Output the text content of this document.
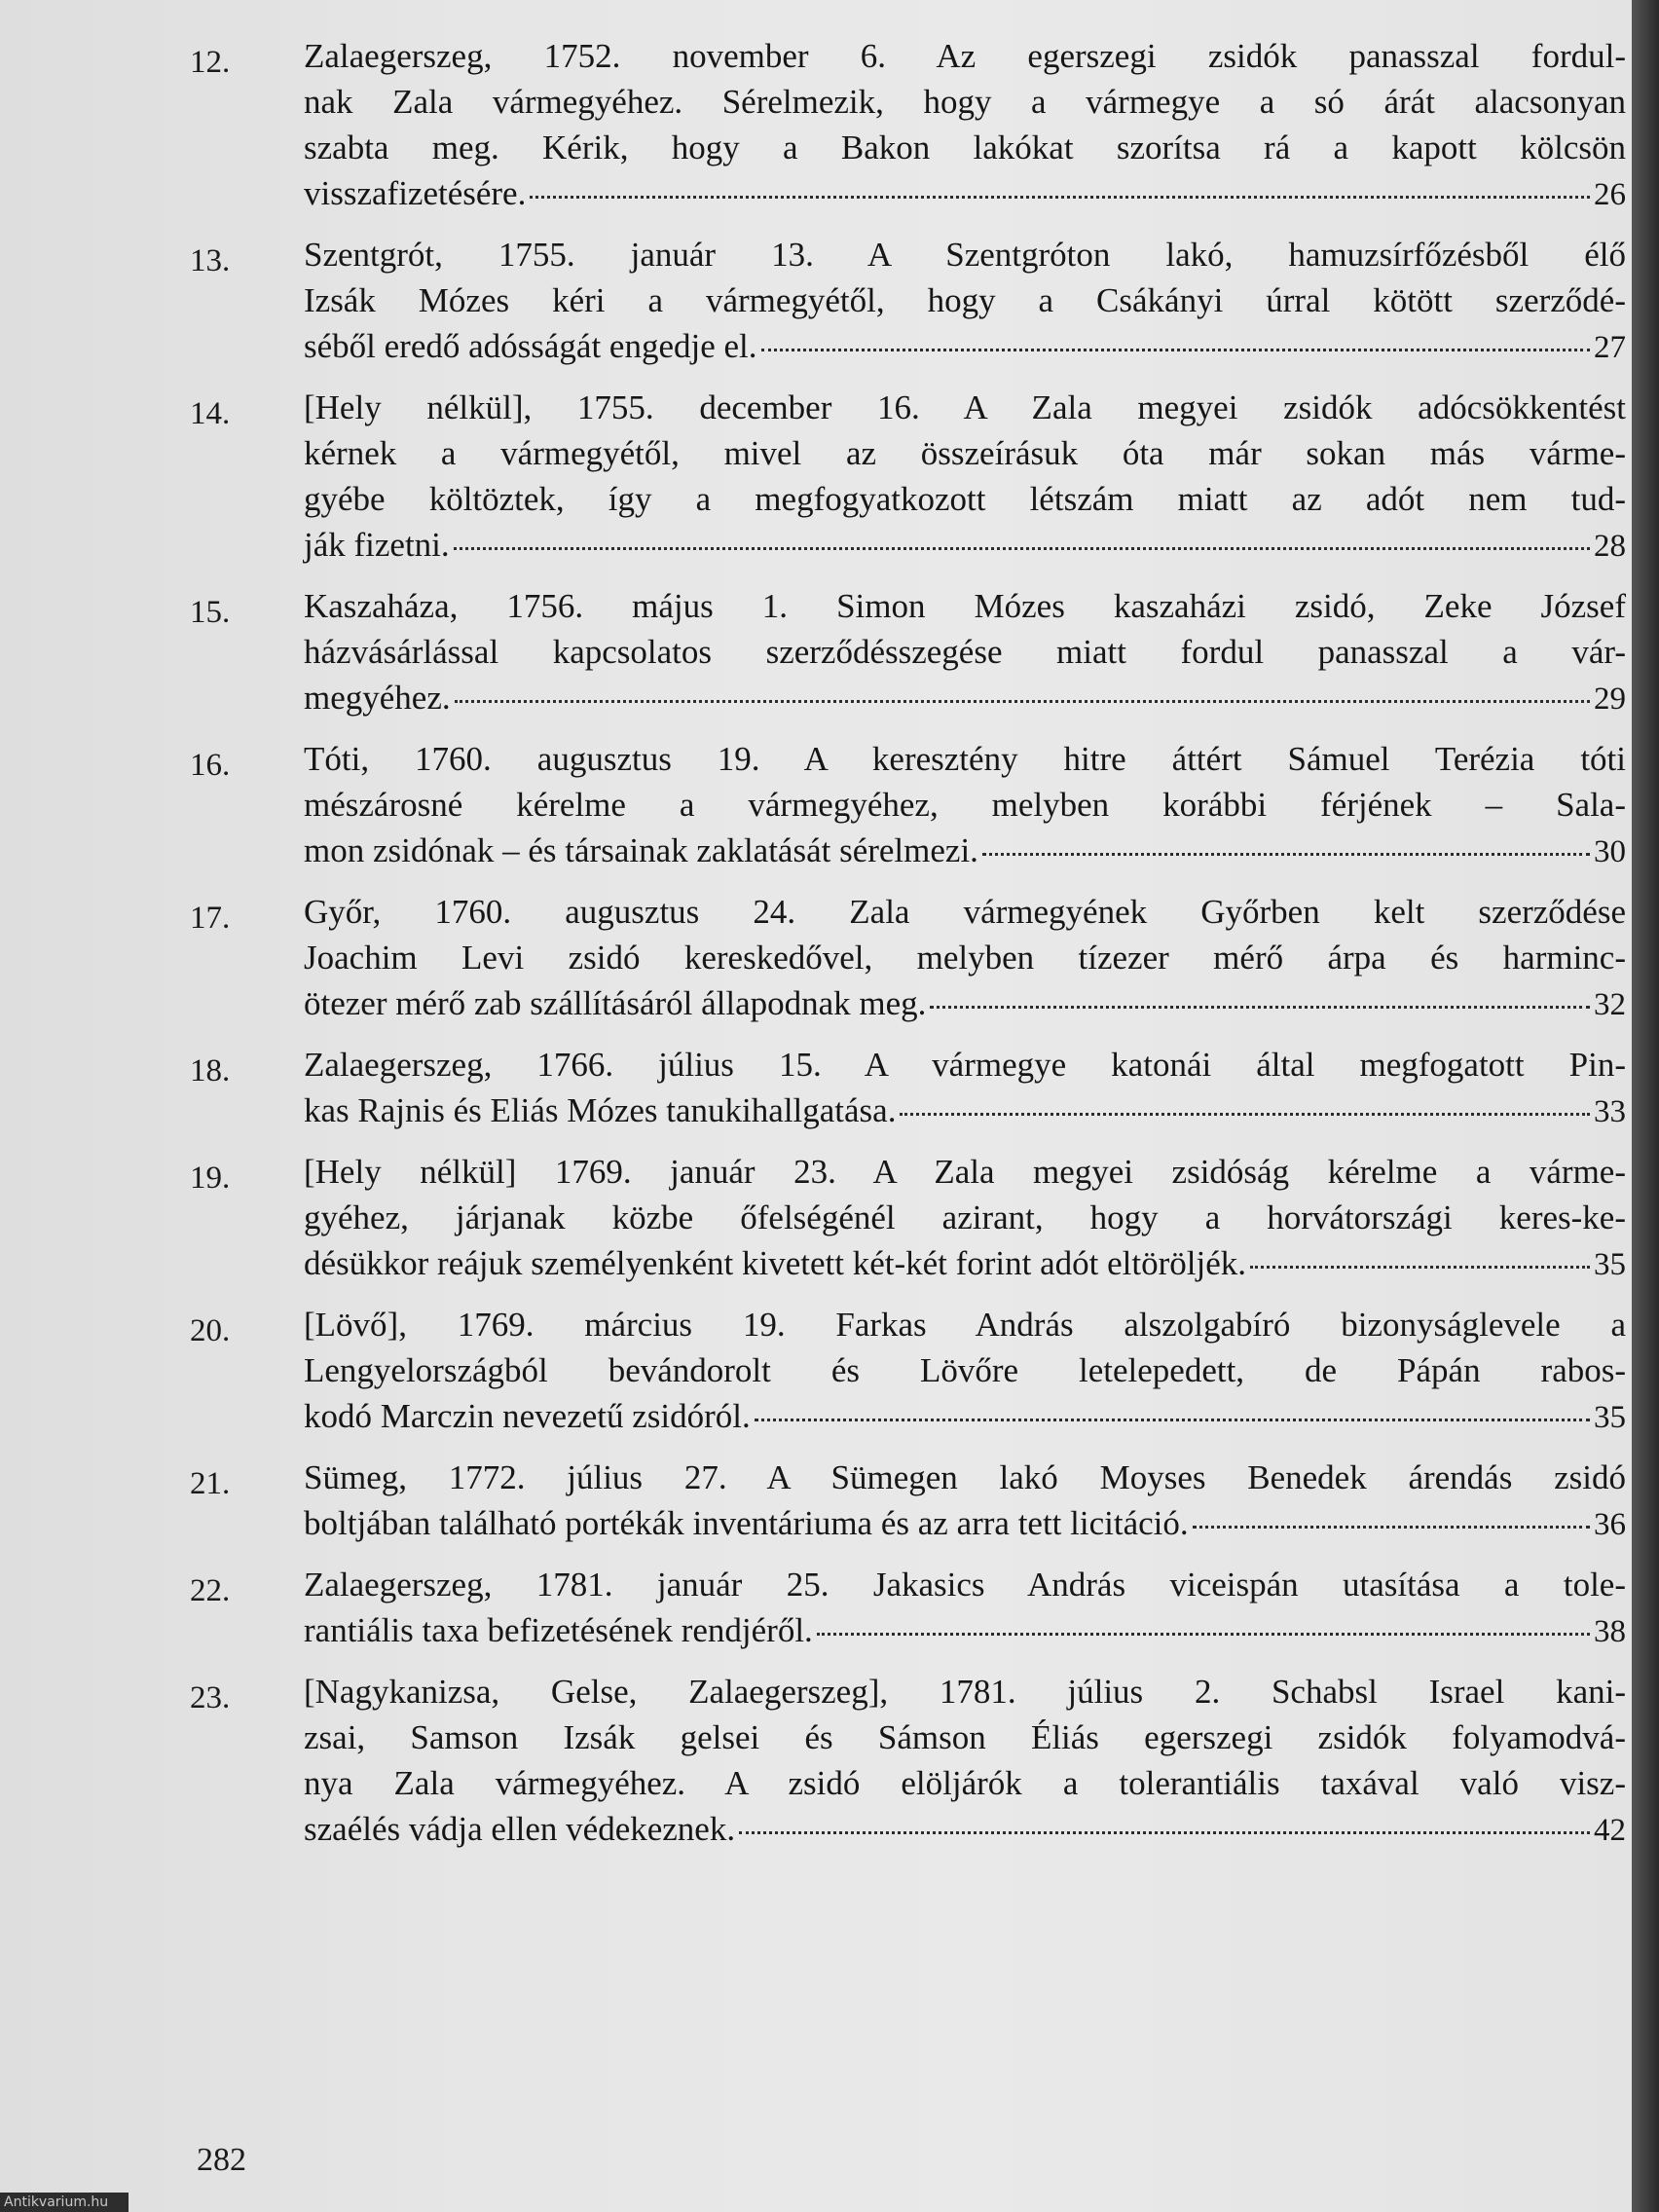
12. Zalaegerszeg, 1752. november 6. Az egerszegi zsidók panasszal fordul-
nak Zala vármegyéhez. Sérelmezik, hogy a vármegye a só árát alacsonyan
szabta meg. Kérik, hogy a Bakon lakókat szorítsa rá a kapott kölcsön
visszafizetésére.	26
13. Szentgrót, 1755. január 13. A Szentgróton lakó, hamuzsírfőzésből élő
Izsák Mózes kéri a vármegyétől, hogy a Csákányi úrral kötött szerződé-
séből eredő adósságát engedje el.	27
14. [Hely nélkül], 1755. december 16. A Zala megyei zsidók adócsökkentést
kérnek a vármegyétől, mivel az összeírásuk óta már sokan más várme-
gyébe költöztek, így a megfogyatkozott létszám miatt az adót nem tud-
ják fizetni.	28
15. Kaszaháza, 1756. május 1. Simon Mózes kaszaházi zsidó, Zeke József
házvásárlással kapcsolatos szerződésszegése miatt fordul panasszal a vár-
megyéhez.	29
16. Tóti, 1760. augusztus 19. A keresztény hitre áttért Sámuel Terézia tóti
mészárosné kérelme a vármegyéhez, melyben korábbi férjének – Sala-
mon zsidónak – és társainak zaklatását sérelmezi.	30
17. Győr, 1760. augusztus 24. Zala vármegyének Győrben kelt szerződése
Joachim Levi zsidó kereskedővel, melyben tízezer mérő árpa és harminc-
ötezer mérő zab szállításáról állapodnak meg.	32
18. Zalaegerszeg, 1766. július 15. A vármegye katonái által megfogatott Pin-
kas Rajnis és Eliás Mózes tanukihallgatása.	33
19. [Hely nélkül] 1769. január 23. A Zala megyei zsidóság kérelme a várme-
gyéhez, járjanak közbe őfelségénél azirant, hogy a horvátországi keres-ke-
désükkor reájuk személyenként kivetett két-két forint adót eltöröljék.	35
20. [Lövő], 1769. március 19. Farkas András alszolgabíró bizonyságlevele a
Lengyelországból bevándorolt és Lövőre letelepedett, de Pápán rabos-
kodó Marczin nevezetű zsidóról.	35
21. Sümeg, 1772. július 27. A Sümegen lakó Moyses Benedek árendás zsidó
boltjában található portékák inventáriuma és az arra tett licitáció.	36
22. Zalaegerszeg, 1781. január 25. Jakasics András viceispán utasítása a tole-
rantiális taxa befizetésének rendjéről.	38
23. [Nagykanizsa, Gelse, Zalaegerszeg], 1781. július 2. Schabsl Israel kani-
zsai, Samson Izsák gelsei és Sámson Éliás egerszegi zsidók folyamodvá-
nya Zala vármegyéhez. A zsidó elöljárók a tolerantiális taxával való visz-
szaélés vádja ellen védekeznek.	42
282
Antikvarium.hu
